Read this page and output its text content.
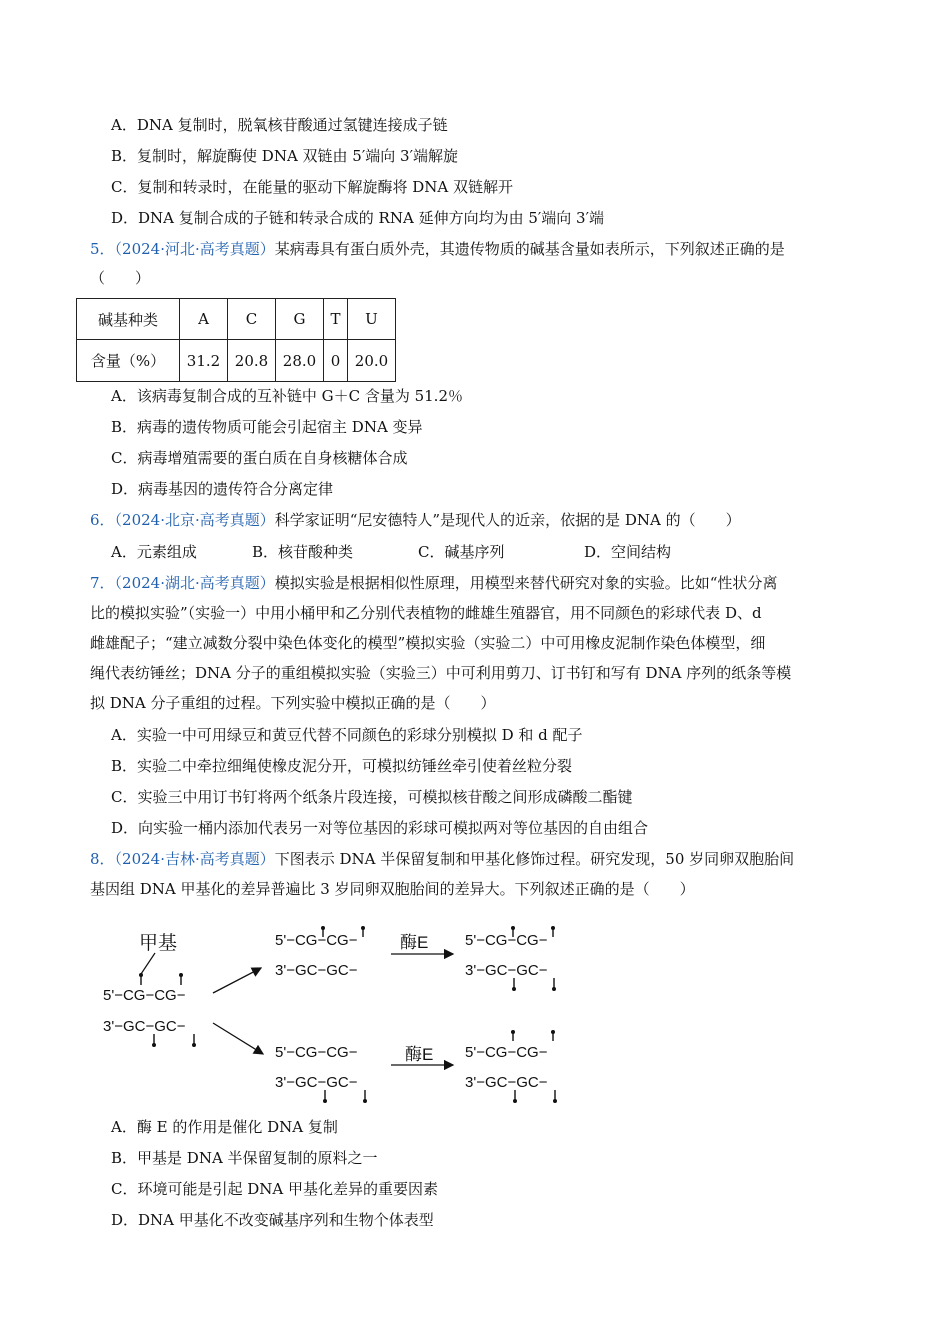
A．DNA 复制时，脱氧核苷酸通过氢键连接成子链
B．复制时，解旋酶使 DNA 双链由 5′端向 3′端解旋
C．复制和转录时，在能量的驱动下解旋酶将 DNA 双链解开
D．DNA 复制合成的子链和转录合成的 RNA 延伸方向均为由 5′端向 3′端
5．（2024·河北·高考真题）某病毒具有蛋白质外壳，其遗传物质的碱基含量如表所示，下列叙述正确的是
（　　）
碱基种类	A	C	G	T	U
含量（%）	31.2	20.8	28.0	0	20.0
A．该病毒复制合成的互补链中 G＋C 含量为 51.2％
B．病毒的遗传物质可能会引起宿主 DNA 变异
C．病毒增殖需要的蛋白质在自身核糖体合成
D．病毒基因的遗传符合分离定律
6．（2024·北京·高考真题）科学家证明“尼安德特人”是现代人的近亲，依据的是 DNA 的（　　）
A．元素组成	B．核苷酸种类	C．碱基序列	D．空间结构
7．（2024·湖北·高考真题）模拟实验是根据相似性原理，用模型来替代研究对象的实验。比如“性状分离
比的模拟实验”（实验一）中用小桶甲和乙分别代表植物的雌雄生殖器官，用不同颜色的彩球代表 D、d
雌雄配子；“建立减数分裂中染色体变化的模型”模拟实验（实验二）中可用橡皮泥制作染色体模型，细
绳代表纺锤丝；DNA 分子的重组模拟实验（实验三）中可利用剪刀、订书钉和写有 DNA 序列的纸条等模
拟 DNA 分子重组的过程。下列实验中模拟正确的是（　　）
A．实验一中可用绿豆和黄豆代替不同颜色的彩球分别模拟 D 和 d 配子
B．实验二中牵拉细绳使橡皮泥分开，可模拟纺锤丝牵引使着丝粒分裂
C．实验三中用订书钉将两个纸条片段连接，可模拟核苷酸之间形成磷酸二酯键
D．向实验一桶内添加代表另一对等位基因的彩球可模拟两对等位基因的自由组合
8．（2024·吉林·高考真题）下图表示 DNA 半保留复制和甲基化修饰过程。研究发现，50 岁同卵双胞胎间
基因组 DNA 甲基化的差异普遍比 3 岁同卵双胞胎间的差异大。下列叙述正确的是（　　）
甲基
5'−CG−CG−
3'−GC−GC−
5'−CG−CG−
3'−GC−GC−
酶E 5'−CG−CG−
3'−GC−GC−
5'−CG−CG−
3'−GC−GC−
酶E 5'−CG−CG−
3'−GC−GC−
A．酶 E 的作用是催化 DNA 复制
B．甲基是 DNA 半保留复制的原料之一
C．环境可能是引起 DNA 甲基化差异的重要因素
D．DNA 甲基化不改变碱基序列和生物个体表型
